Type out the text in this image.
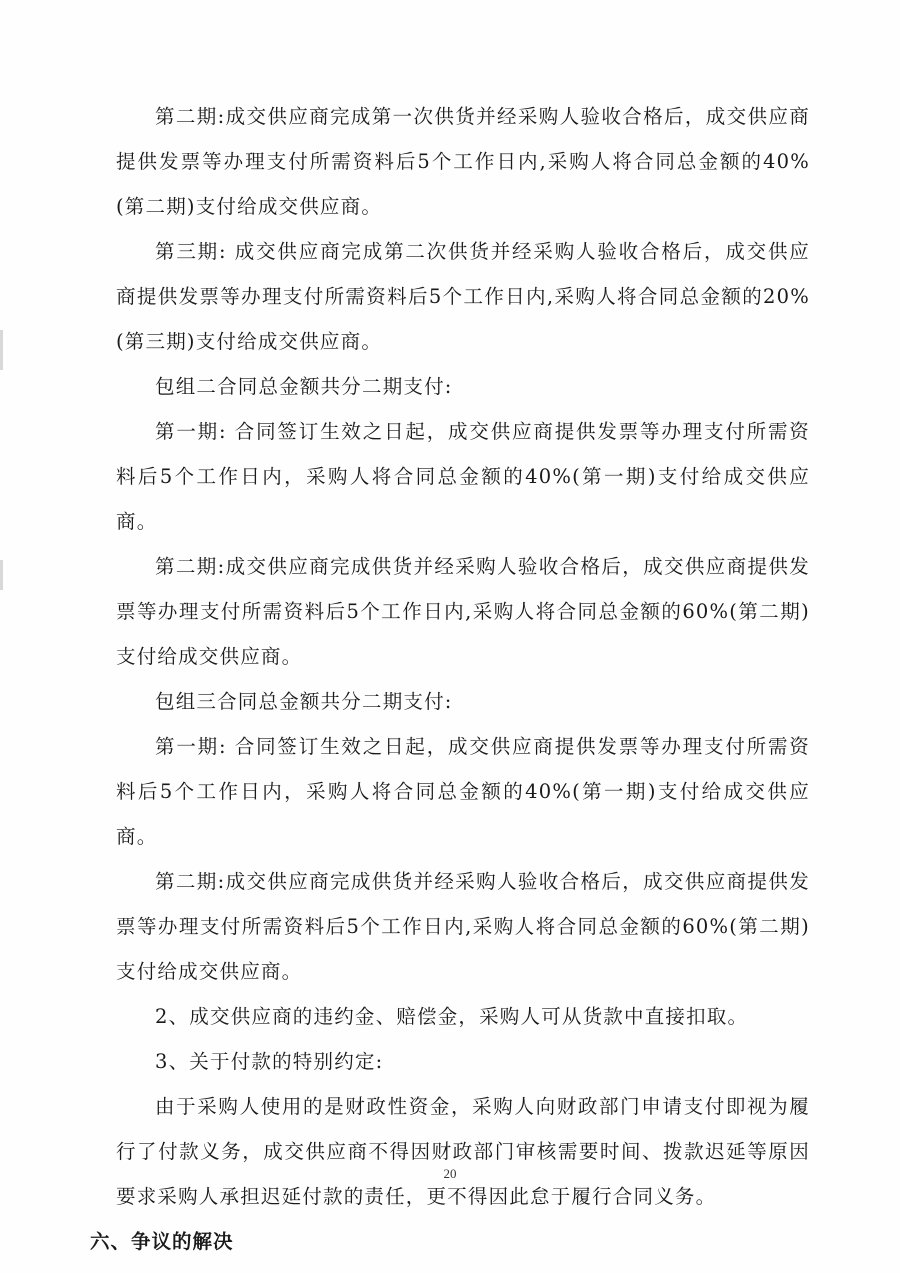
第二期:成交供应商完成第一次供货并经采购人验收合格后，成交供应商提供发票等办理支付所需资料后5个工作日内,采购人将合同总金额的40%(第二期)支付给成交供应商。

第三期: 成交供应商完成第二次供货并经采购人验收合格后，成交供应商提供发票等办理支付所需资料后5个工作日内,采购人将合同总金额的20%(第三期)支付给成交供应商。

包组二合同总金额共分二期支付:

第一期: 合同签订生效之日起，成交供应商提供发票等办理支付所需资料后5个工作日内，采购人将合同总金额的40%(第一期)支付给成交供应商。

第二期:成交供应商完成供货并经采购人验收合格后，成交供应商提供发票等办理支付所需资料后5个工作日内,采购人将合同总金额的60%(第二期)支付给成交供应商。

包组三合同总金额共分二期支付:

第一期: 合同签订生效之日起，成交供应商提供发票等办理支付所需资料后5个工作日内，采购人将合同总金额的40%(第一期)支付给成交供应商。

第二期:成交供应商完成供货并经采购人验收合格后，成交供应商提供发票等办理支付所需资料后5个工作日内,采购人将合同总金额的60%(第二期)支付给成交供应商。

2、成交供应商的违约金、赔偿金，采购人可从货款中直接扣取。

3、关于付款的特别约定:

由于采购人使用的是财政性资金，采购人向财政部门申请支付即视为履行了付款义务，成交供应商不得因财政部门审核需要时间、拨款迟延等原因要求采购人承担迟延付款的责任，更不得因此怠于履行合同义务。

六、争议的解决

20
